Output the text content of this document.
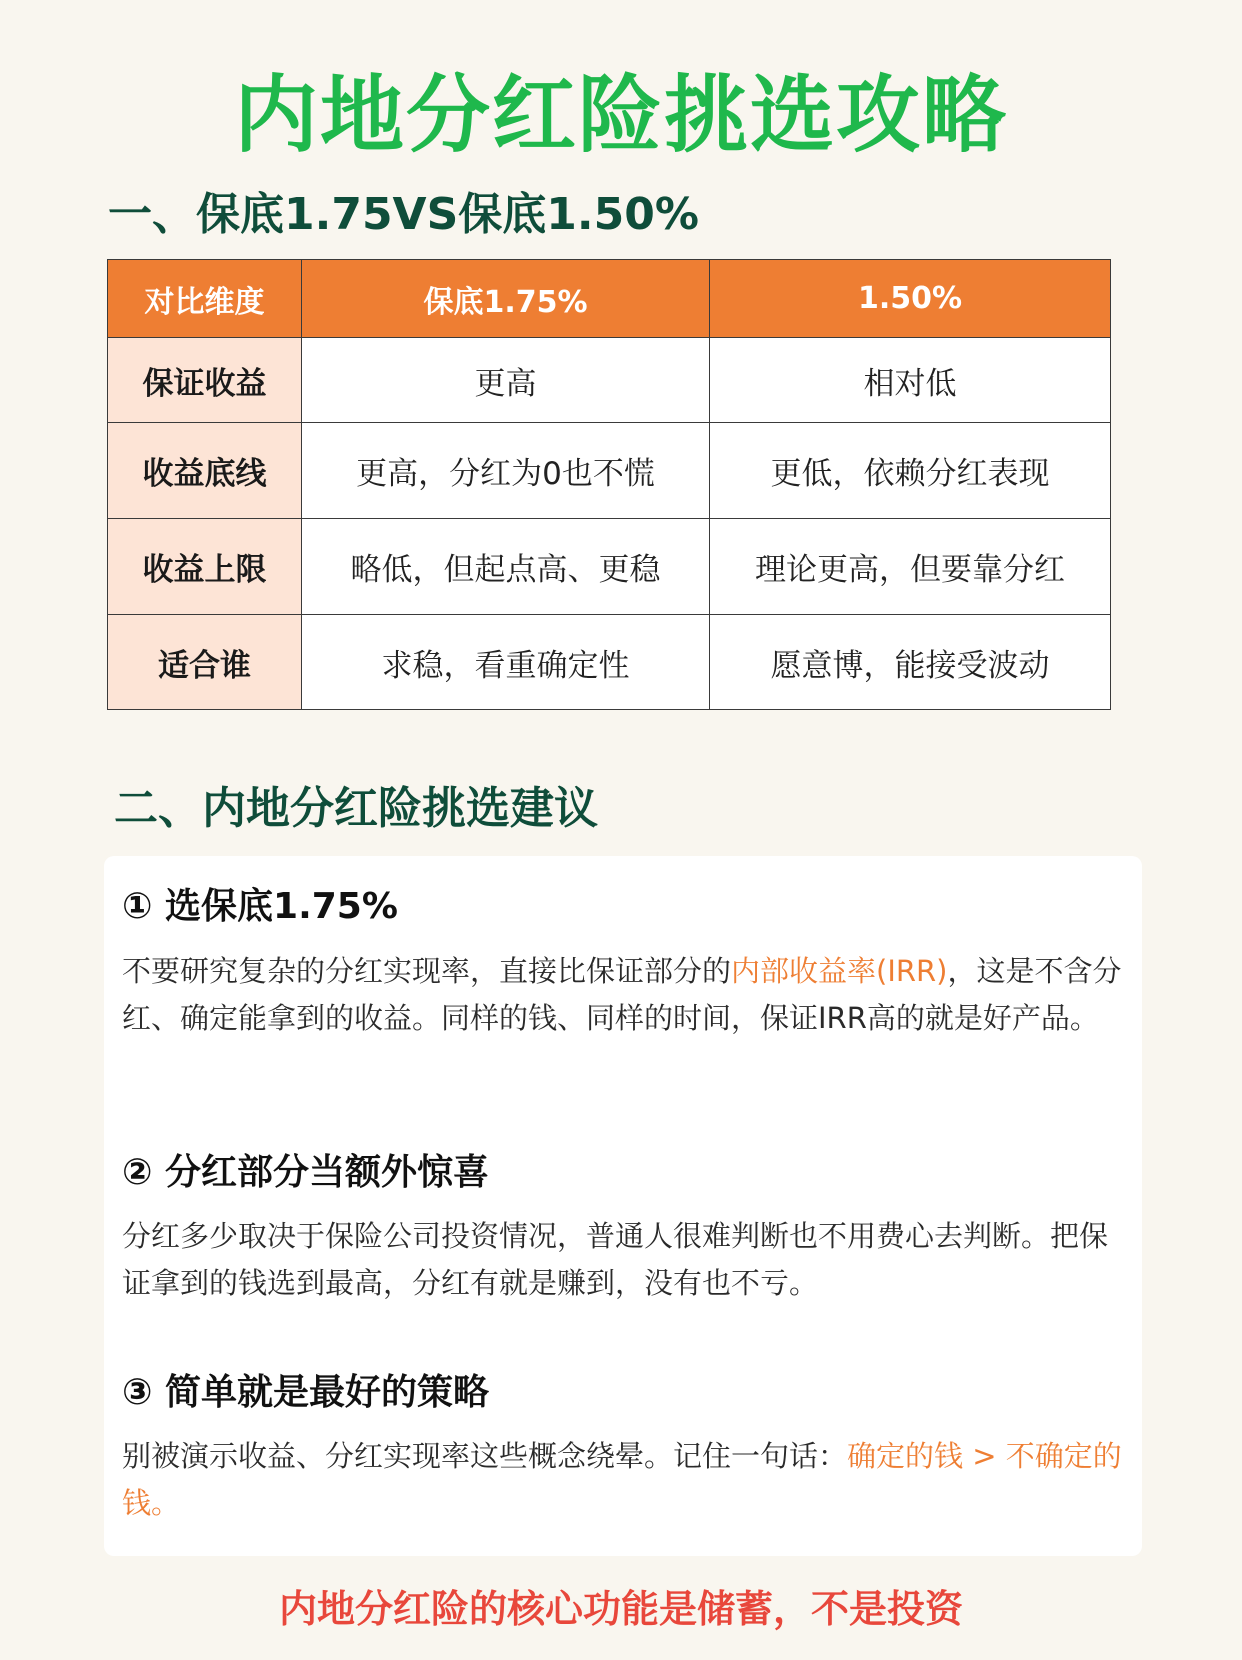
内地分红险挑选攻略
一、保底1.75VS保底1.50%
对比维度	保底1.75%	1.50%
保证收益	更高	相对低
收益底线	更高，分红为0也不慌	更低，依赖分红表现
收益上限	略低，但起点高、更稳	理论更高，但要靠分红
适合谁	求稳，看重确定性	愿意博，能接受波动
二、内地分红险挑选建议
① 选保底1.75%
不要研究复杂的分红实现率，直接比保证部分的内部收益率(IRR)，这是不含分红、确定能拿到的收益。同样的钱、同样的时间，保证IRR高的就是好产品。
② 分红部分当额外惊喜
分红多少取决于保险公司投资情况，普通人很难判断也不用费心去判断。把保证拿到的钱选到最高，分红有就是赚到，没有也不亏。
③ 简单就是最好的策略
别被演示收益、分红实现率这些概念绕晕。记住一句话：确定的钱 > 不确定的钱。
内地分红险的核心功能是储蓄，不是投资
